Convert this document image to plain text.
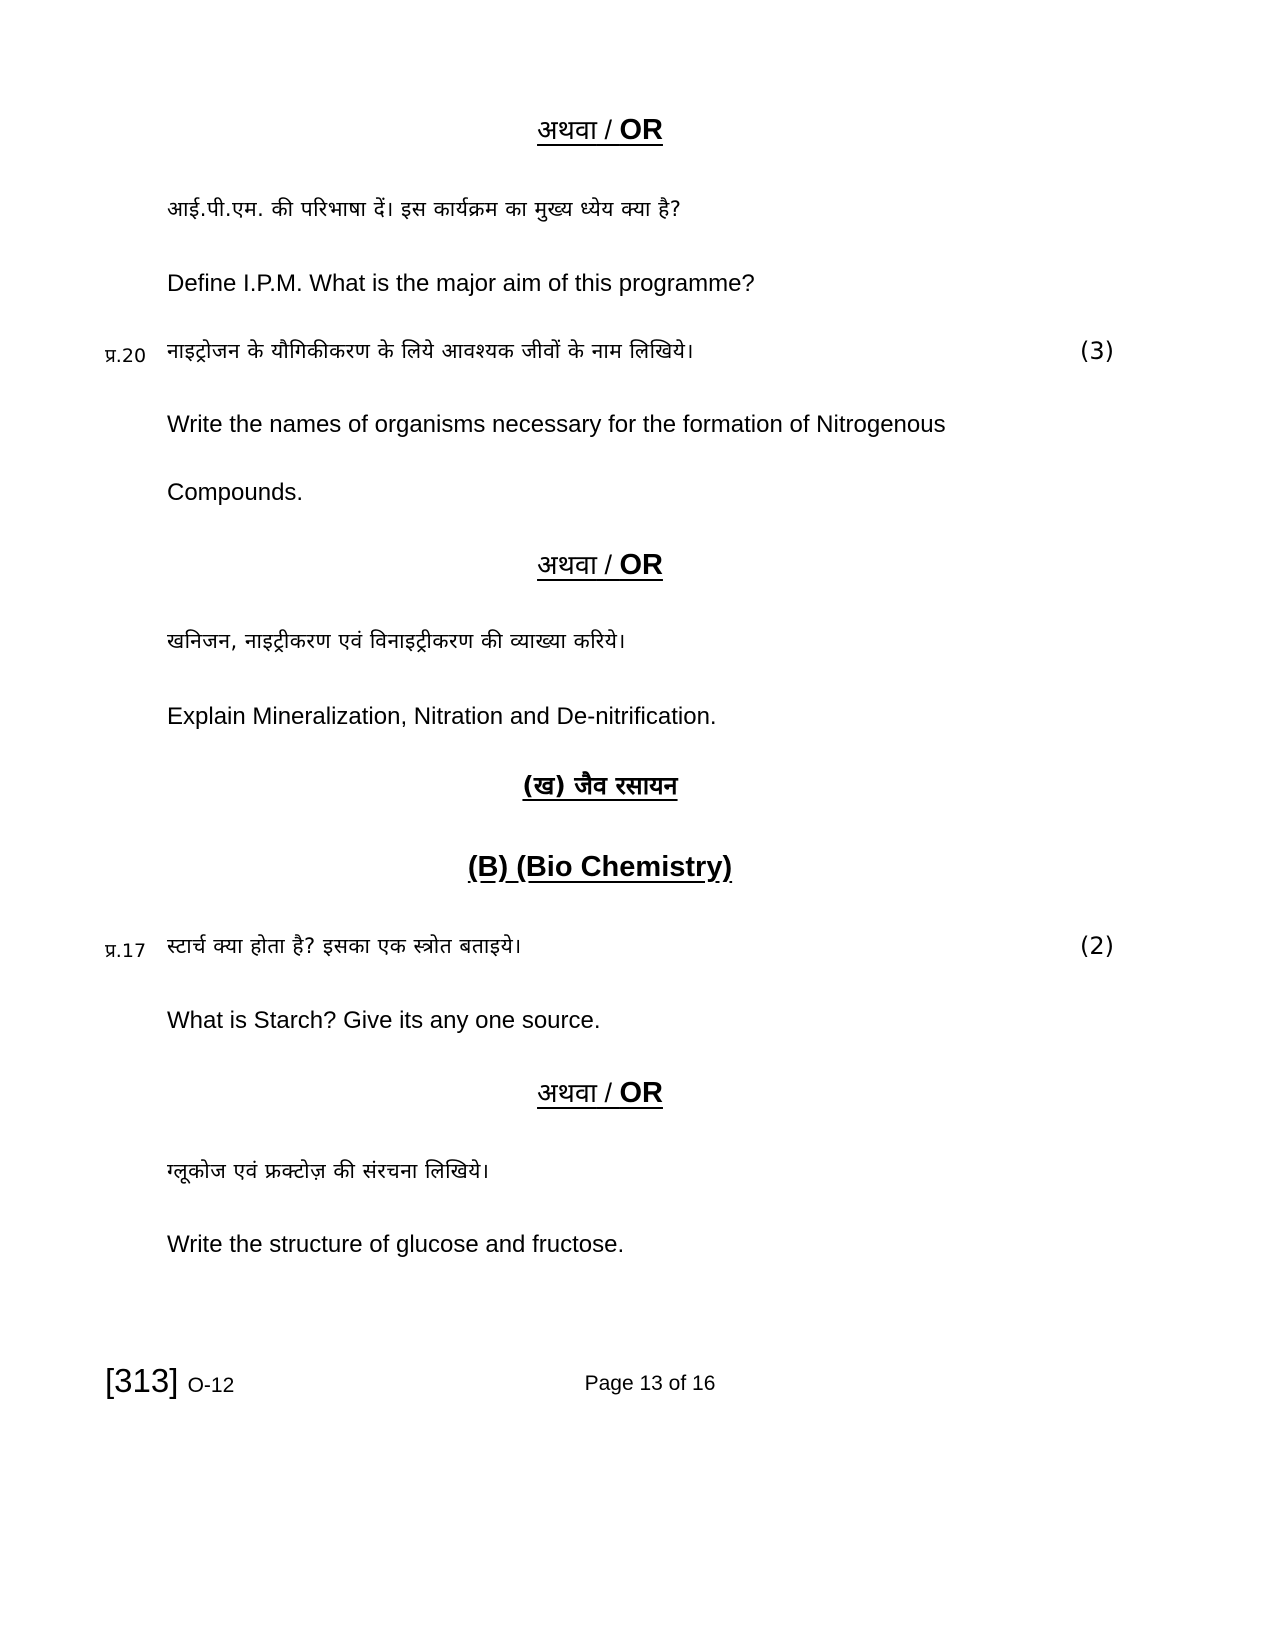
अथवा / OR
आई.पी.एम. की परिभाषा दें। इस कार्यक्रम का मुख्य ध्येय क्या है?
Define I.P.M. What is the major aim of this programme?
प्र.20 नाइट्रोजन के यौगिकीकरण के लिये आवश्यक जीवों के नाम लिखिये।	(3)
Write the names of organisms necessary for the formation of Nitrogenous
Compounds.
अथवा / OR
खनिजन, नाइट्रीकरण एवं विनाइट्रीकरण की व्याख्या करिये।
Explain Mineralization, Nitration and De-nitrification.
(ख) जैव रसायन
(B) (Bio Chemistry)
प्र.17 स्टार्च क्या होता है? इसका एक स्त्रोत बताइये।	(2)
What is Starch? Give its any one source.
अथवा / OR
ग्लूकोज एवं फ्रक्टोज़ की संरचना लिखिये।
Write the structure of glucose and fructose.
[313] O-12	Page 13 of 16
